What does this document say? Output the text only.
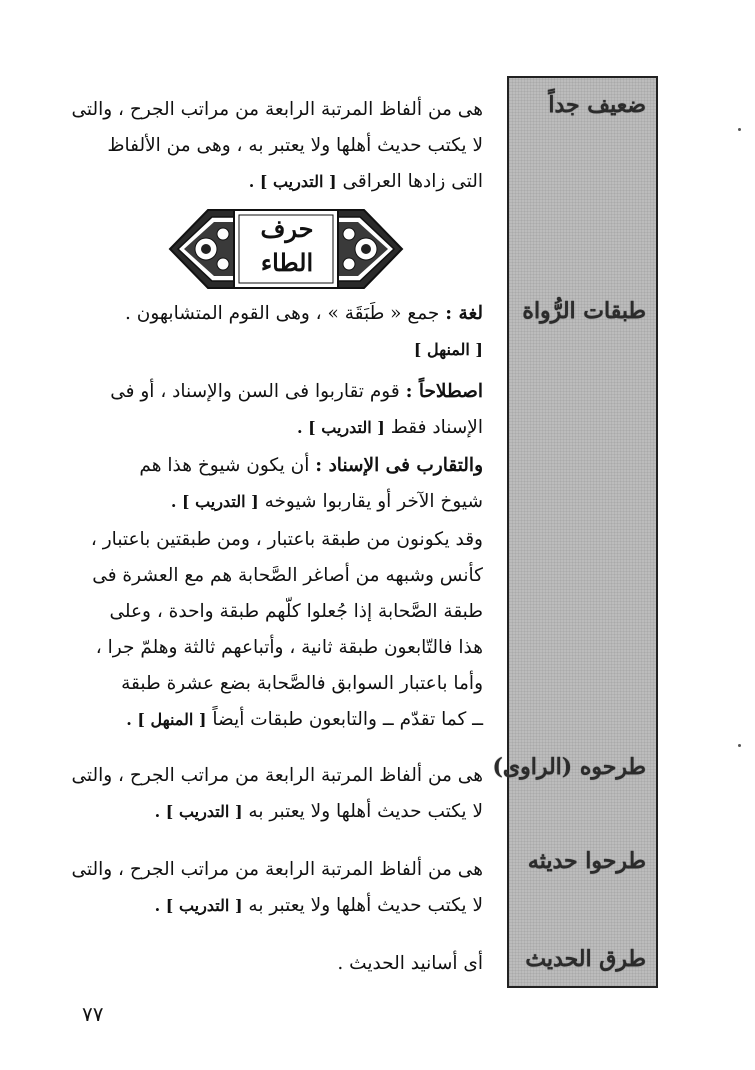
ضعيف جداً
طبقات الرُّواة
طرحوه (الراوى)
طرحوا حديثه
طرق الحديث
هى من ألفاظ المرتبة الرابعة من مراتب الجرح ، والتى
لا يكتب حديث أهلها ولا يعتبر به ، وهى من الألفاظ
التى زادها العراقى [ التدريب ] .
حرف
الطاء
لغة : جمع « طَبَقَة » ، وهى القوم المتشابهون .
[ المنهل ]
اصطلاحاً : قوم تقاربوا فى السن والإسناد ، أو فى
الإسناد فقط [ التدريب ] .
والتقارب فى الإسناد : أن يكون شيوخ هذا هم
شيوخ الآخر أو يقاربوا شيوخه [ التدريب ] .
وقد يكونون من طبقة باعتبار ، ومن طبقتين باعتبار ،
كأنس وشبهه من أصاغر الصَّحابة هم مع العشرة فى
طبقة الصَّحابة إذا جُعلوا كلّهم طبقة واحدة ، وعلى
هذا فالتّابعون طبقة ثانية ، وأتباعهم ثالثة وهلمّ جرا ،
وأما باعتبار السوابق فالصَّحابة بضع عشرة طبقة
ــ كما تقدّم ــ والتابعون طبقات أيضاً [ المنهل ] .
هى من ألفاظ المرتبة الرابعة من مراتب الجرح ، والتى
لا يكتب حديث أهلها ولا يعتبر به [ التدريب ] .
هى من ألفاظ المرتبة الرابعة من مراتب الجرح ، والتى
لا يكتب حديث أهلها ولا يعتبر به [ التدريب ] .
أى أسانيد الحديث .
٧٧
